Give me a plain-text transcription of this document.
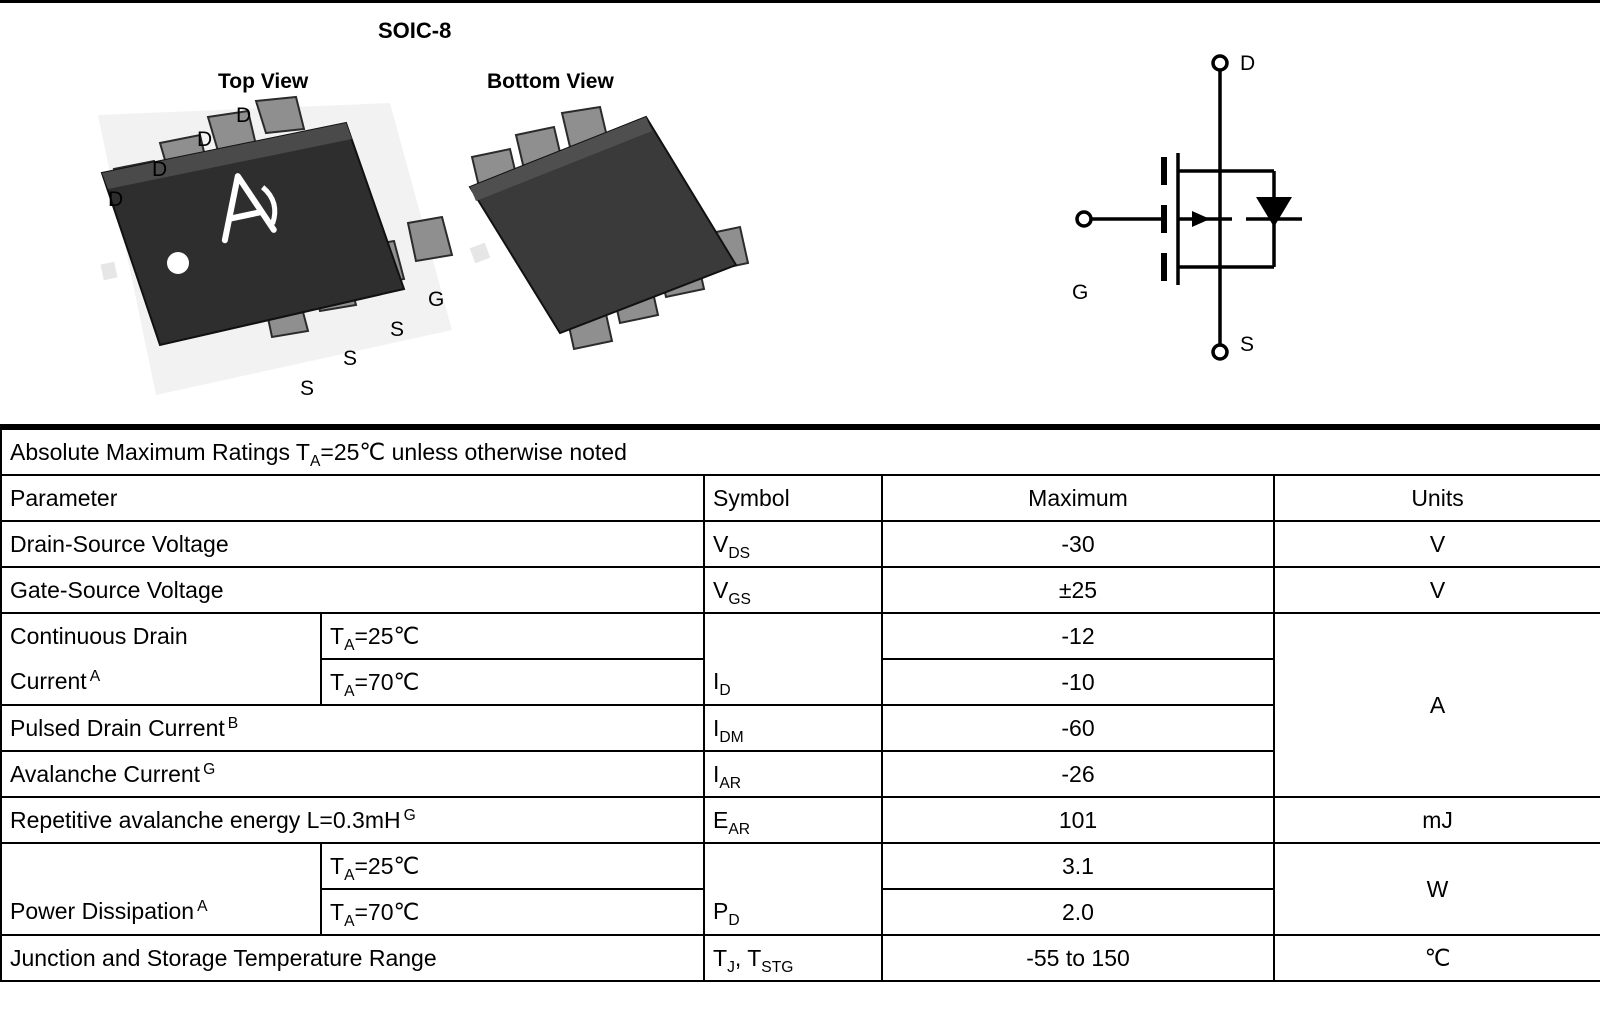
SOIC-8
Top View	Bottom View
D
D
D
D
G
S
S
S
D
G
S
Absolute Maximum Ratings $T_A=25℃$ unless otherwise noted				
Parameter		Symbol	Maximum	Units
Drain-Source Voltage		$V_{DS}$	-30	V
Gate-Source Voltage		$V_{GS}$	±25	V
Continuous Drain	$T_A=25℃$		-12	A
Current $^A$	$T_A=70℃$	$I_D$	-10	
Pulsed Drain Current $^B$		$I_{DM}$	-60	
Avalanche Current $^G$		$I_{AR}$	-26	
Repetitive avalanche energy L=0.3mH $^G$		$E_{AR}$	101	mJ
	$T_A=25℃$		3.1	W
Power Dissipation $^A$	$T_A=70℃$	$P_D$	2.0	
Junction and Storage Temperature Range		$T_J$, $T_{STG}$	-55 to 150	℃
